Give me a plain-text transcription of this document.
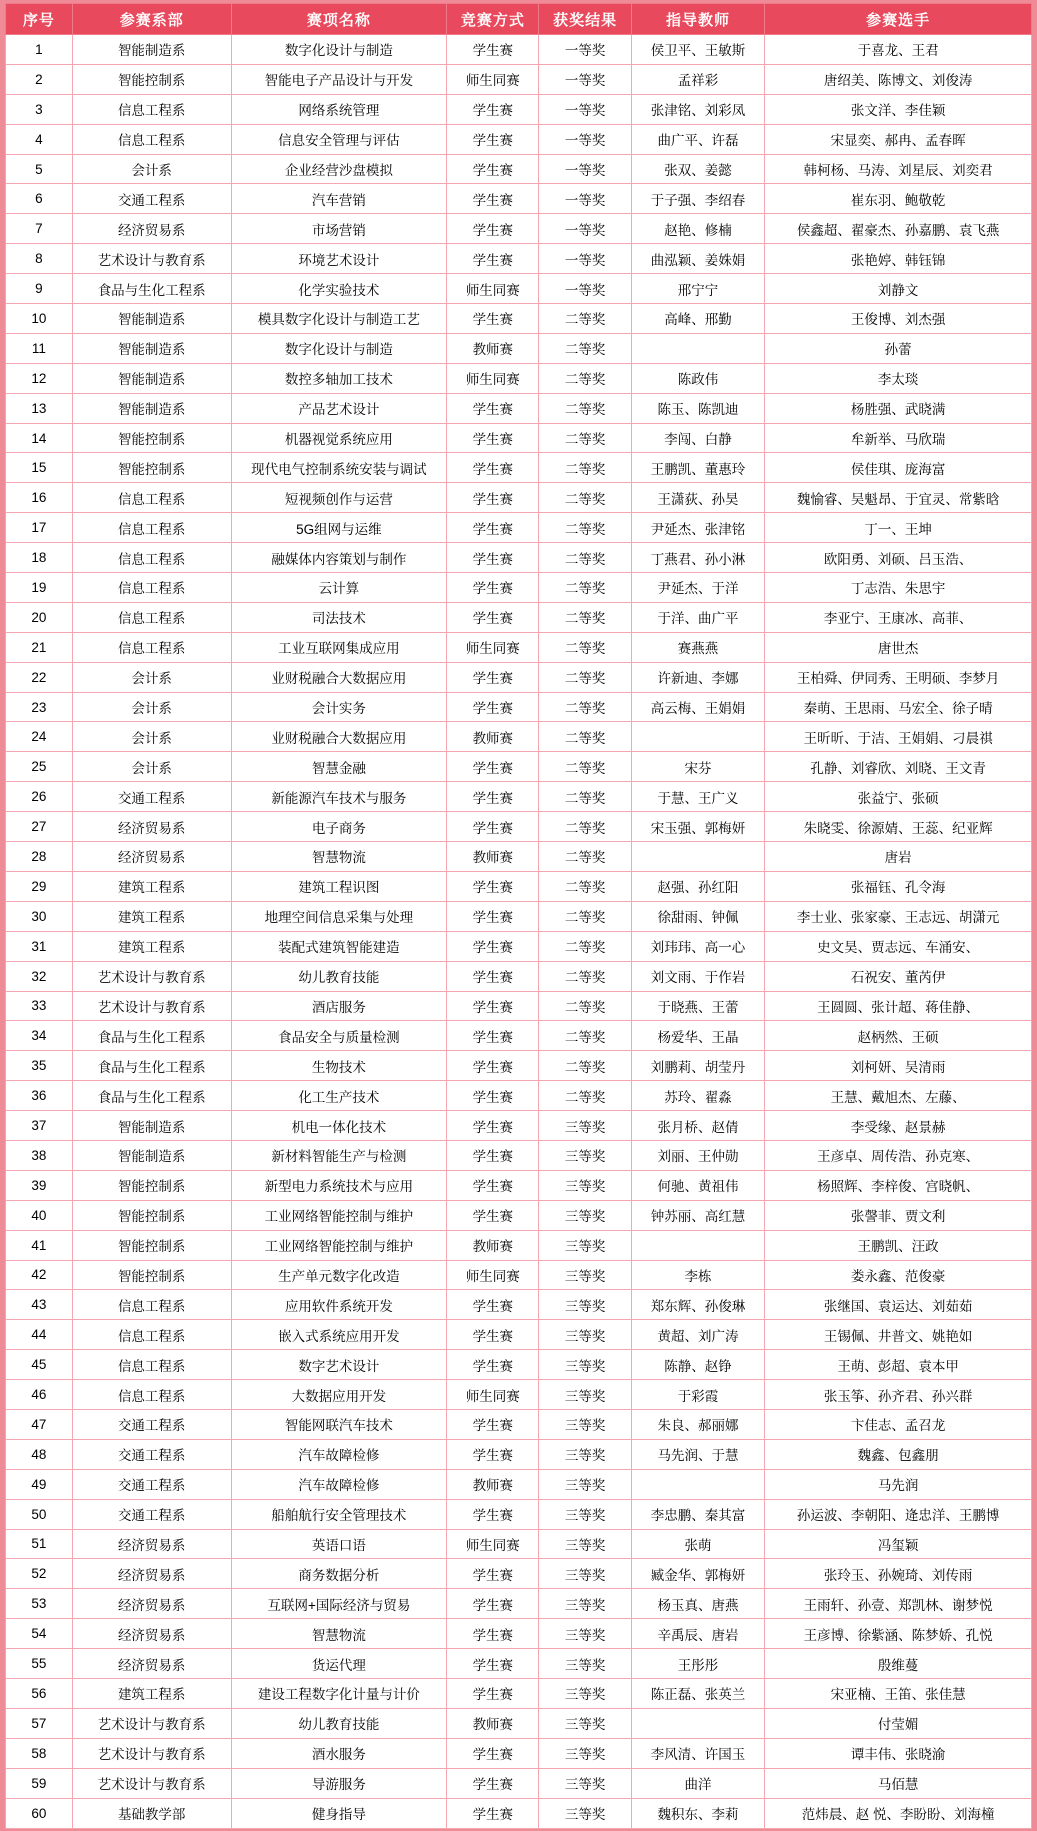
序号	参赛系部	赛项名称	竞赛方式	获奖结果	指导教师	参赛选手
1	智能制造系	数字化设计与制造	学生赛	一等奖	侯卫平、王敏斯	于喜龙、王君
2	智能控制系	智能电子产品设计与开发	师生同赛	一等奖	孟祥彩	唐绍美、陈博文、刘俊涛
3	信息工程系	网络系统管理	学生赛	一等奖	张津铭、刘彩凤	张文洋、李佳颖
4	信息工程系	信息安全管理与评估	学生赛	一等奖	曲广平、许磊	宋显奕、郝冉、孟春晖
5	会计系	企业经营沙盘模拟	学生赛	一等奖	张双、姜懿	韩柯杨、马涛、刘星辰、刘奕君
6	交通工程系	汽车营销	学生赛	一等奖	于子强、李绍春	崔东羽、鲍敬乾
7	经济贸易系	市场营销	学生赛	一等奖	赵艳、修楠	侯鑫超、翟豪杰、孙嘉鹏、袁飞燕
8	艺术设计与教育系	环境艺术设计	学生赛	一等奖	曲泓颖、姜姝娟	张艳婷、韩钰锦
9	食品与生化工程系	化学实验技术	师生同赛	一等奖	邢宁宁	刘静文
10	智能制造系	模具数字化设计与制造工艺	学生赛	二等奖	高峰、邢勤	王俊博、刘杰强
11	智能制造系	数字化设计与制造	教师赛	二等奖		孙蕾
12	智能制造系	数控多轴加工技术	师生同赛	二等奖	陈政伟	李太琰
13	智能制造系	产品艺术设计	学生赛	二等奖	陈玉、陈凯迪	杨胜强、武晓满
14	智能控制系	机器视觉系统应用	学生赛	二等奖	李闯、白静	牟新举、马欣瑞
15	智能控制系	现代电气控制系统安装与调试	学生赛	二等奖	王鹏凯、董惠玲	侯佳琪、庞海富
16	信息工程系	短视频创作与运营	学生赛	二等奖	王潇荻、孙昊	魏愉睿、吴魁昂、于宜灵、常紫晗
17	信息工程系	5G组网与运维	学生赛	二等奖	尹延杰、张津铭	丁一、王坤
18	信息工程系	融媒体内容策划与制作	学生赛	二等奖	丁燕君、孙小淋	欧阳勇、刘硕、吕玉浩、
19	信息工程系	云计算	学生赛	二等奖	尹延杰、于洋	丁志浩、朱思宇
20	信息工程系	司法技术	学生赛	二等奖	于洋、曲广平	李亚宁、王康冰、高菲、
21	信息工程系	工业互联网集成应用	师生同赛	二等奖	赛燕燕	唐世杰
22	会计系	业财税融合大数据应用	学生赛	二等奖	许新迪、李娜	王柏舜、伊同秀、王明硕、李梦月
23	会计系	会计实务	学生赛	二等奖	高云梅、王娟娟	秦萌、王思雨、马宏全、徐子晴
24	会计系	业财税融合大数据应用	教师赛	二等奖		王昕昕、于洁、王娟娟、刁晨祺
25	会计系	智慧金融	学生赛	二等奖	宋芬	孔静、刘睿欣、刘晓、王文青
26	交通工程系	新能源汽车技术与服务	学生赛	二等奖	于慧、王广义	张益宁、张硕
27	经济贸易系	电子商务	学生赛	二等奖	宋玉强、郭梅妍	朱晓雯、徐源婧、王蕊、纪亚辉
28	经济贸易系	智慧物流	教师赛	二等奖		唐岩
29	建筑工程系	建筑工程识图	学生赛	二等奖	赵强、孙红阳	张福钰、孔令海
30	建筑工程系	地理空间信息采集与处理	学生赛	二等奖	徐甜雨、钟佩	李士业、张家豪、王志远、胡潇元
31	建筑工程系	装配式建筑智能建造	学生赛	二等奖	刘玮玮、高一心	史文昊、贾志远、车涌安、
32	艺术设计与教育系	幼儿教育技能	学生赛	二等奖	刘文雨、于作岩	石祝安、董芮伊
33	艺术设计与教育系	酒店服务	学生赛	二等奖	于晓燕、王蕾	王圆圆、张计超、蒋佳静、
34	食品与生化工程系	食品安全与质量检测	学生赛	二等奖	杨爱华、王晶	赵柄然、王硕
35	食品与生化工程系	生物技术	学生赛	二等奖	刘鹏莉、胡莹丹	刘柯妍、吴清雨
36	食品与生化工程系	化工生产技术	学生赛	二等奖	苏玲、翟淼	王慧、戴旭杰、左藤、
37	智能制造系	机电一体化技术	学生赛	三等奖	张月桥、赵倩	李受缘、赵景赫
38	智能制造系	新材料智能生产与检测	学生赛	三等奖	刘丽、王仲勋	王彦卓、周传浩、孙克寒、
39	智能控制系	新型电力系统技术与应用	学生赛	三等奖	何驰、黄祖伟	杨照辉、李梓俊、宫晓帆、
40	智能控制系	工业网络智能控制与维护	学生赛	三等奖	钟苏丽、高红慧	张謦菲、贾文利
41	智能控制系	工业网络智能控制与维护	教师赛	三等奖		王鹏凯、汪政
42	智能控制系	生产单元数字化改造	师生同赛	三等奖	李栋	娄永鑫、范俊豪
43	信息工程系	应用软件系统开发	学生赛	三等奖	郑东辉、孙俊琳	张继国、袁运达、刘茹茹
44	信息工程系	嵌入式系统应用开发	学生赛	三等奖	黄超、刘广涛	王锡佩、井普文、姚艳如
45	信息工程系	数字艺术设计	学生赛	三等奖	陈静、赵铮	王萌、彭超、袁本甲
46	信息工程系	大数据应用开发	师生同赛	三等奖	于彩霞	张玉筝、孙齐君、孙兴群
47	交通工程系	智能网联汽车技术	学生赛	三等奖	朱良、郝丽娜	卞佳志、孟召龙
48	交通工程系	汽车故障检修	学生赛	三等奖	马先润、于慧	魏鑫、包鑫朋
49	交通工程系	汽车故障检修	教师赛	三等奖		马先润
50	交通工程系	船舶航行安全管理技术	学生赛	三等奖	李忠鹏、秦其富	孙运波、李朝阳、逄忠洋、王鹏博
51	经济贸易系	英语口语	师生同赛	三等奖	张萌	冯玺颖
52	经济贸易系	商务数据分析	学生赛	三等奖	臧金华、郭梅妍	张玲玉、孙婉琦、刘传雨
53	经济贸易系	互联网+国际经济与贸易	学生赛	三等奖	杨玉真、唐燕	王雨轩、孙壹、郑凯林、谢梦悦
54	经济贸易系	智慧物流	学生赛	三等奖	辛禹辰、唐岩	王彦博、徐紫涵、陈梦娇、孔悦
55	经济贸易系	货运代理	学生赛	三等奖	王彤彤	殷维蔓
56	建筑工程系	建设工程数字化计量与计价	学生赛	三等奖	陈正磊、张英兰	宋亚楠、王笛、张佳慧
57	艺术设计与教育系	幼儿教育技能	教师赛	三等奖		付莹媚
58	艺术设计与教育系	酒水服务	学生赛	三等奖	李风清、许国玉	谭丰伟、张晓渝
59	艺术设计与教育系	导游服务	学生赛	三等奖	曲洋	马佰慧
60	基础教学部	健身指导	学生赛	三等奖	魏积东、李莉	范炜晨、赵 悦、李盼盼、刘海橦
